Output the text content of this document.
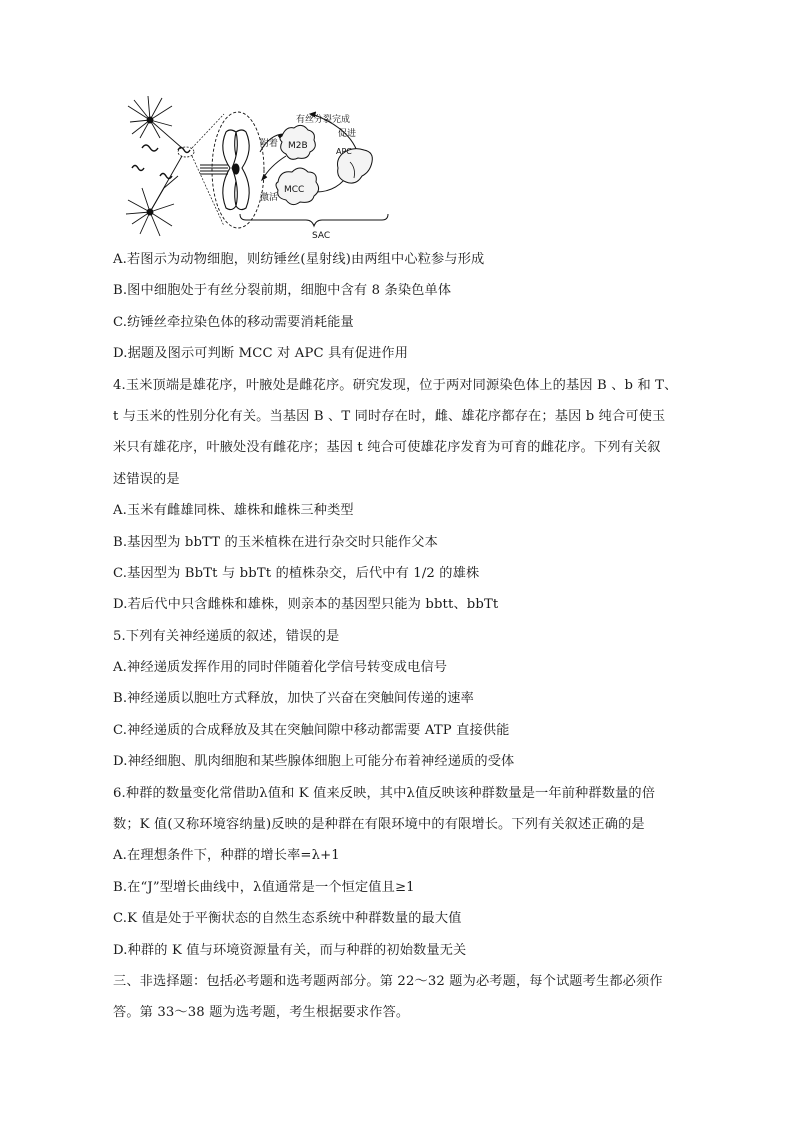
M2B
MCC
APC
有丝分裂完成
促进
附着
激活
SAC
A.若图示为动物细胞，则纺锤丝(星射线)由两组中心粒参与形成
B.图中细胞处于有丝分裂前期，细胞中含有 8 条染色单体
C.纺锤丝牵拉染色体的移动需要消耗能量
D.据题及图示可判断 MCC 对 APC 具有促进作用
4.玉米顶端是雄花序，叶腋处是雌花序。研究发现，位于两对同源染色体上的基因 B 、b 和 T、
t 与玉米的性别分化有关。当基因 B 、T 同时存在时，雌、雄花序都存在；基因 b 纯合可使玉
米只有雄花序，叶腋处没有雌花序；基因 t 纯合可使雄花序发育为可育的雌花序。下列有关叙
述错误的是
A.玉米有雌雄同株、雄株和雌株三种类型
B.基因型为 bbTT 的玉米植株在进行杂交时只能作父本
C.基因型为 BbTt 与 bbTt 的植株杂交，后代中有 1/2 的雄株
D.若后代中只含雌株和雄株，则亲本的基因型只能为 bbtt、bbTt
5.下列有关神经递质的叙述，错误的是
A.神经递质发挥作用的同时伴随着化学信号转变成电信号
B.神经递质以胞吐方式释放，加快了兴奋在突触间传递的速率
C.神经递质的合成释放及其在突触间隙中移动都需要 ATP 直接供能
D.神经细胞、肌肉细胞和某些腺体细胞上可能分布着神经递质的受体
6.种群的数量变化常借助λ值和 K 值来反映，其中λ值反映该种群数量是一年前种群数量的倍
数；K 值(又称环境容纳量)反映的是种群在有限环境中的有限增长。下列有关叙述正确的是
A.在理想条件下，种群的增长率=λ+1
B.在“J”型增长曲线中，λ值通常是一个恒定值且≥1
C.K 值是处于平衡状态的自然生态系统中种群数量的最大值
D.种群的 K 值与环境资源量有关，而与种群的初始数量无关
三、非选择题：包括必考题和选考题两部分。第 22～32 题为必考题，每个试题考生都必须作
答。第 33～38 题为选考题，考生根据要求作答。
